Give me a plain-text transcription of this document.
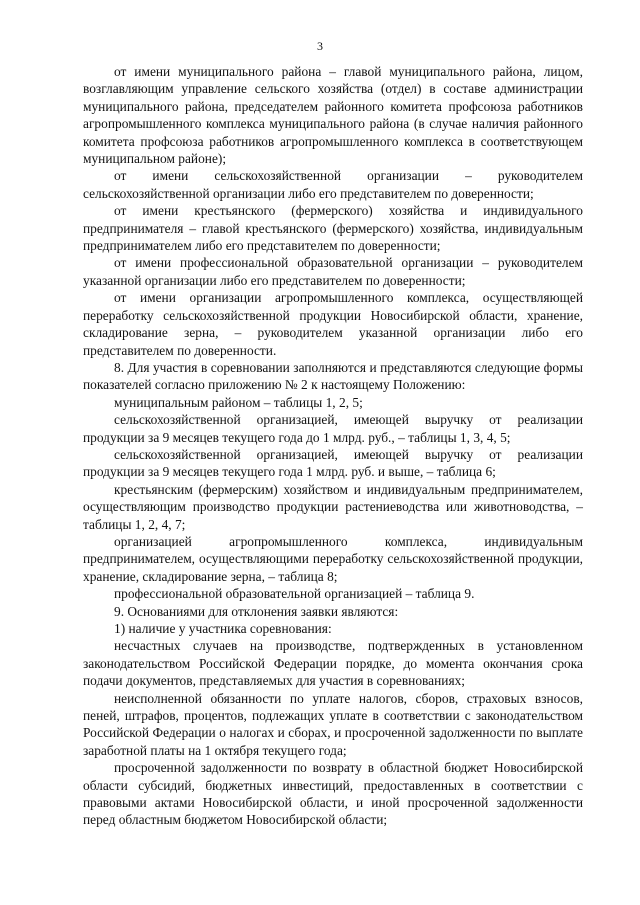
3

от имени муниципального района – главой муниципального района, лицом, возглавляющим управление сельского хозяйства (отдел) в составе администрации муниципального района, председателем районного комитета профсоюза работников агропромышленного комплекса муниципального района (в случае наличия районного комитета профсоюза работников агропромышленного комплекса в соответствующем муниципальном районе);

от имени сельскохозяйственной организации – руководителем сельскохозяйственной организации либо его представителем по доверенности;

от имени крестьянского (фермерского) хозяйства и индивидуального предпринимателя – главой крестьянского (фермерского) хозяйства, индивидуальным предпринимателем либо его представителем по доверенности;

от имени профессиональной образовательной организации – руководителем указанной организации либо его представителем по доверенности;

от имени организации агропромышленного комплекса, осуществляющей переработку сельскохозяйственной продукции Новосибирской области, хранение, складирование зерна, – руководителем указанной организации либо его представителем по доверенности.

8. Для участия в соревновании заполняются и представляются следующие формы показателей согласно приложению № 2 к настоящему Положению:

муниципальным районом – таблицы 1, 2, 5;

сельскохозяйственной организацией, имеющей выручку от реализации продукции за 9 месяцев текущего года до 1 млрд. руб., – таблицы 1, 3, 4, 5;

сельскохозяйственной организацией, имеющей выручку от реализации продукции за 9 месяцев текущего года 1 млрд. руб. и выше, – таблица 6;

крестьянским (фермерским) хозяйством и индивидуальным предпринимателем, осуществляющим производство продукции растениеводства или животноводства, – таблицы 1, 2, 4, 7;

организацией агропромышленного комплекса, индивидуальным предпринимателем, осуществляющими переработку сельскохозяйственной продукции, хранение, складирование зерна, – таблица 8;

профессиональной образовательной организацией – таблица 9.

9. Основаниями для отклонения заявки являются:

1) наличие у участника соревнования:

несчастных случаев на производстве, подтвержденных в установленном законодательством Российской Федерации порядке, до момента окончания срока подачи документов, представляемых для участия в соревнованиях;

неисполненной обязанности по уплате налогов, сборов, страховых взносов, пеней, штрафов, процентов, подлежащих уплате в соответствии с законодательством Российской Федерации о налогах и сборах, и просроченной задолженности по выплате заработной платы на 1 октября текущего года;

просроченной задолженности по возврату в областной бюджет Новосибирской области субсидий, бюджетных инвестиций, предоставленных в соответствии с правовыми актами Новосибирской области, и иной просроченной задолженности перед областным бюджетом Новосибирской области;
